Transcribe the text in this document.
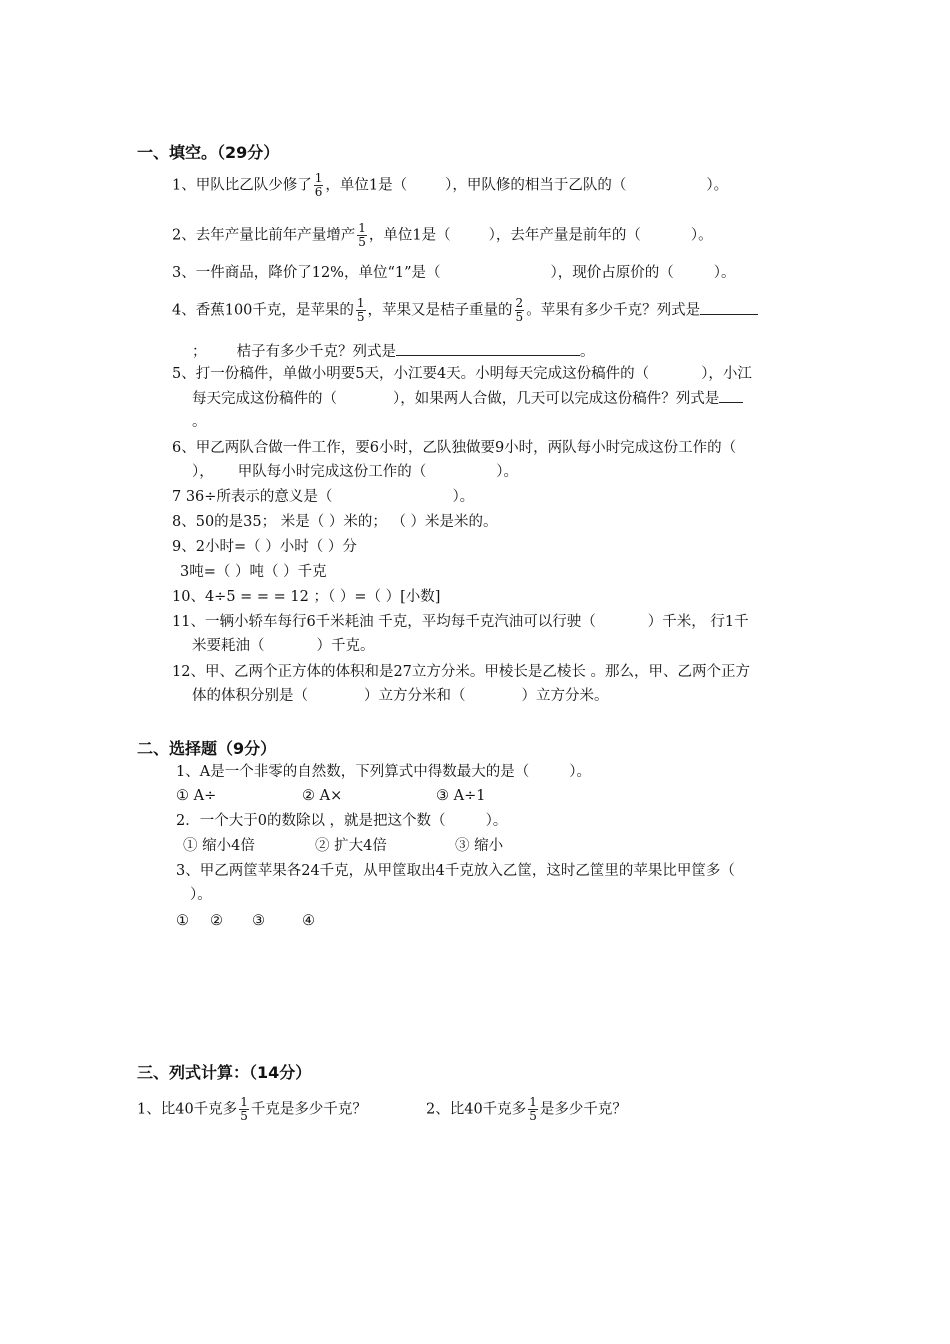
一、填空。（29分）
1、甲队比乙队少修了 $\frac{1}{6}$ ，单位1是（	），甲队修的相当于乙队的（	）。
2、去年产量比前年产量增产 $\frac{1}{5}$ ，单位1是（	），去年产量是前年的（	）。
3、一件商品，降价了12%，单位“1”是（	），现价占原价的（	）。
4、香蕉100千克，是苹果的 $\frac{1}{5}$ ，苹果又是桔子重量的 $\frac{2}{5}$ 。苹果有多少千克？列式是
； 桔子有多少千克？列式是	。
5、打一份稿件，单做小明要5天，小江要4天。小明每天完成这份稿件的（	），小江
每天完成这份稿件的（	），如果两人合做，几天可以完成这份稿件？列式是
。
6、甲乙两队合做一件工作，要6小时，乙队独做要9小时，两队每小时完成这份工作的（
）， 甲队每小时完成这份工作的（	）。
7 36÷所表示的意义是（	）。
8、50的是35； 米是（ ）米的； （ ）米是米的。
9、2小时=（ ）小时（ ）分
3吨=（ ）吨（ ）千克
10、4÷5 = = = 12 ；（ ）=（ ）[小数]
11、一辆小轿车每行6千米耗油 千克，平均每千克汽油可以行驶（	）千米， 行1千
米要耗油（	）千克。
12、甲、乙两个正方体的体积和是27立方分米。甲棱长是乙棱长 。那么，甲、乙两个正方
体的体积分别是（	）立方分米和（	）立方分米。
二、选择题（9分）
1、A是一个非零的自然数，下列算式中得数最大的是（	）。
① A÷	② A×	③ A÷1
2．一个大于0的数除以 ，就是把这个数（	）。
① 缩小4倍	② 扩大4倍	③ 缩小
3、甲乙两筐苹果各24千克，从甲筐取出4千克放入乙筐，这时乙筐里的苹果比甲筐多（
）。
① ② ③	④
三、列式计算：（14分）
1、比40千克多 $\frac{1}{5}$ 千克是多少千克？	2、比40千克多 $\frac{1}{5}$ 是多少千克？
